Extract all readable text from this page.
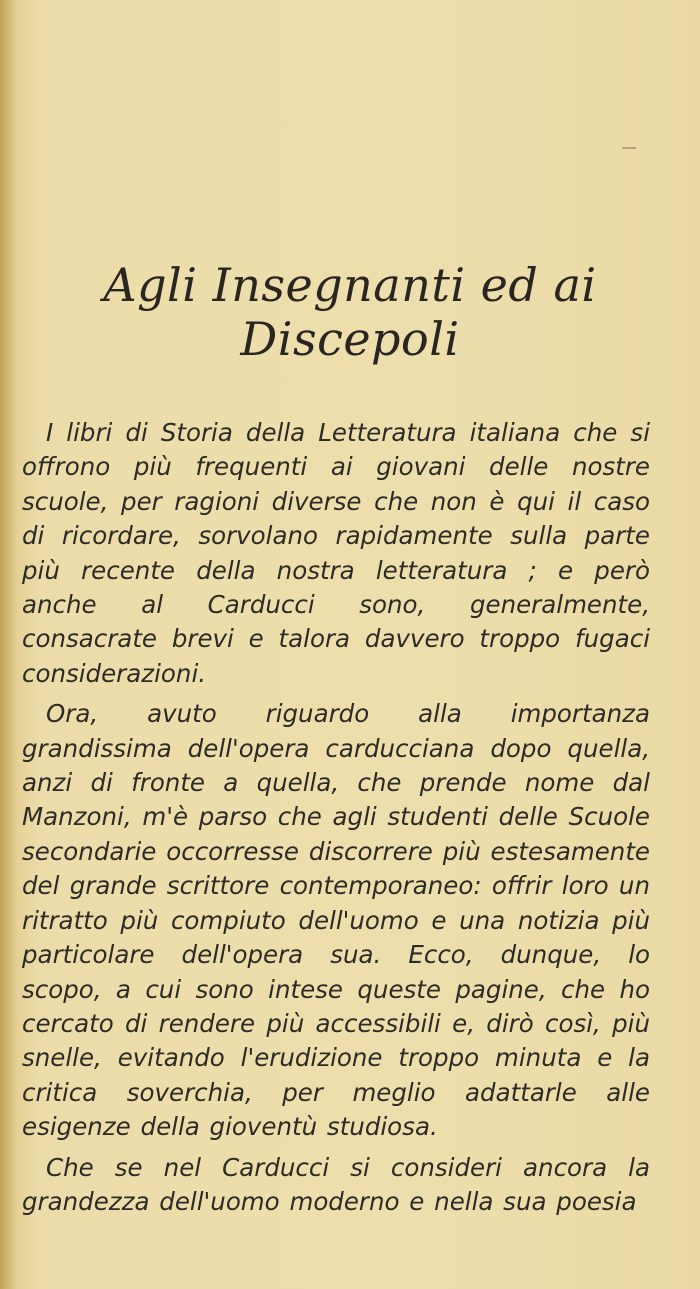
Agli Insegnanti ed ai Discepoli

I libri di Storia della Letteratura italiana che si offrono più frequenti ai giovani delle nostre scuole, per ragioni diverse che non è qui il caso di ricordare, sorvolano rapidamente sulla parte più recente della nostra letteratura ; e però anche al Carducci sono, generalmente, consacrate brevi e talora davvero troppo fugaci considerazioni.

Ora, avuto riguardo alla importanza grandissima dell'opera carducciana dopo quella, anzi di fronte a quella, che prende nome dal Manzoni, m'è parso che agli studenti delle Scuole secondarie occorresse discorrere più estesamente del grande scrittore contemporaneo: offrir loro un ritratto più compiuto dell'uomo e una notizia più particolare dell'opera sua. Ecco, dunque, lo scopo, a cui sono intese queste pagine, che ho cercato di rendere più accessibili e, dirò così, più snelle, evitando l'erudizione troppo minuta e la critica soverchia, per meglio adattarle alle esigenze della gioventù studiosa.

Che se nel Carducci si consideri ancora la grandezza dell'uomo moderno e nella sua poesia
